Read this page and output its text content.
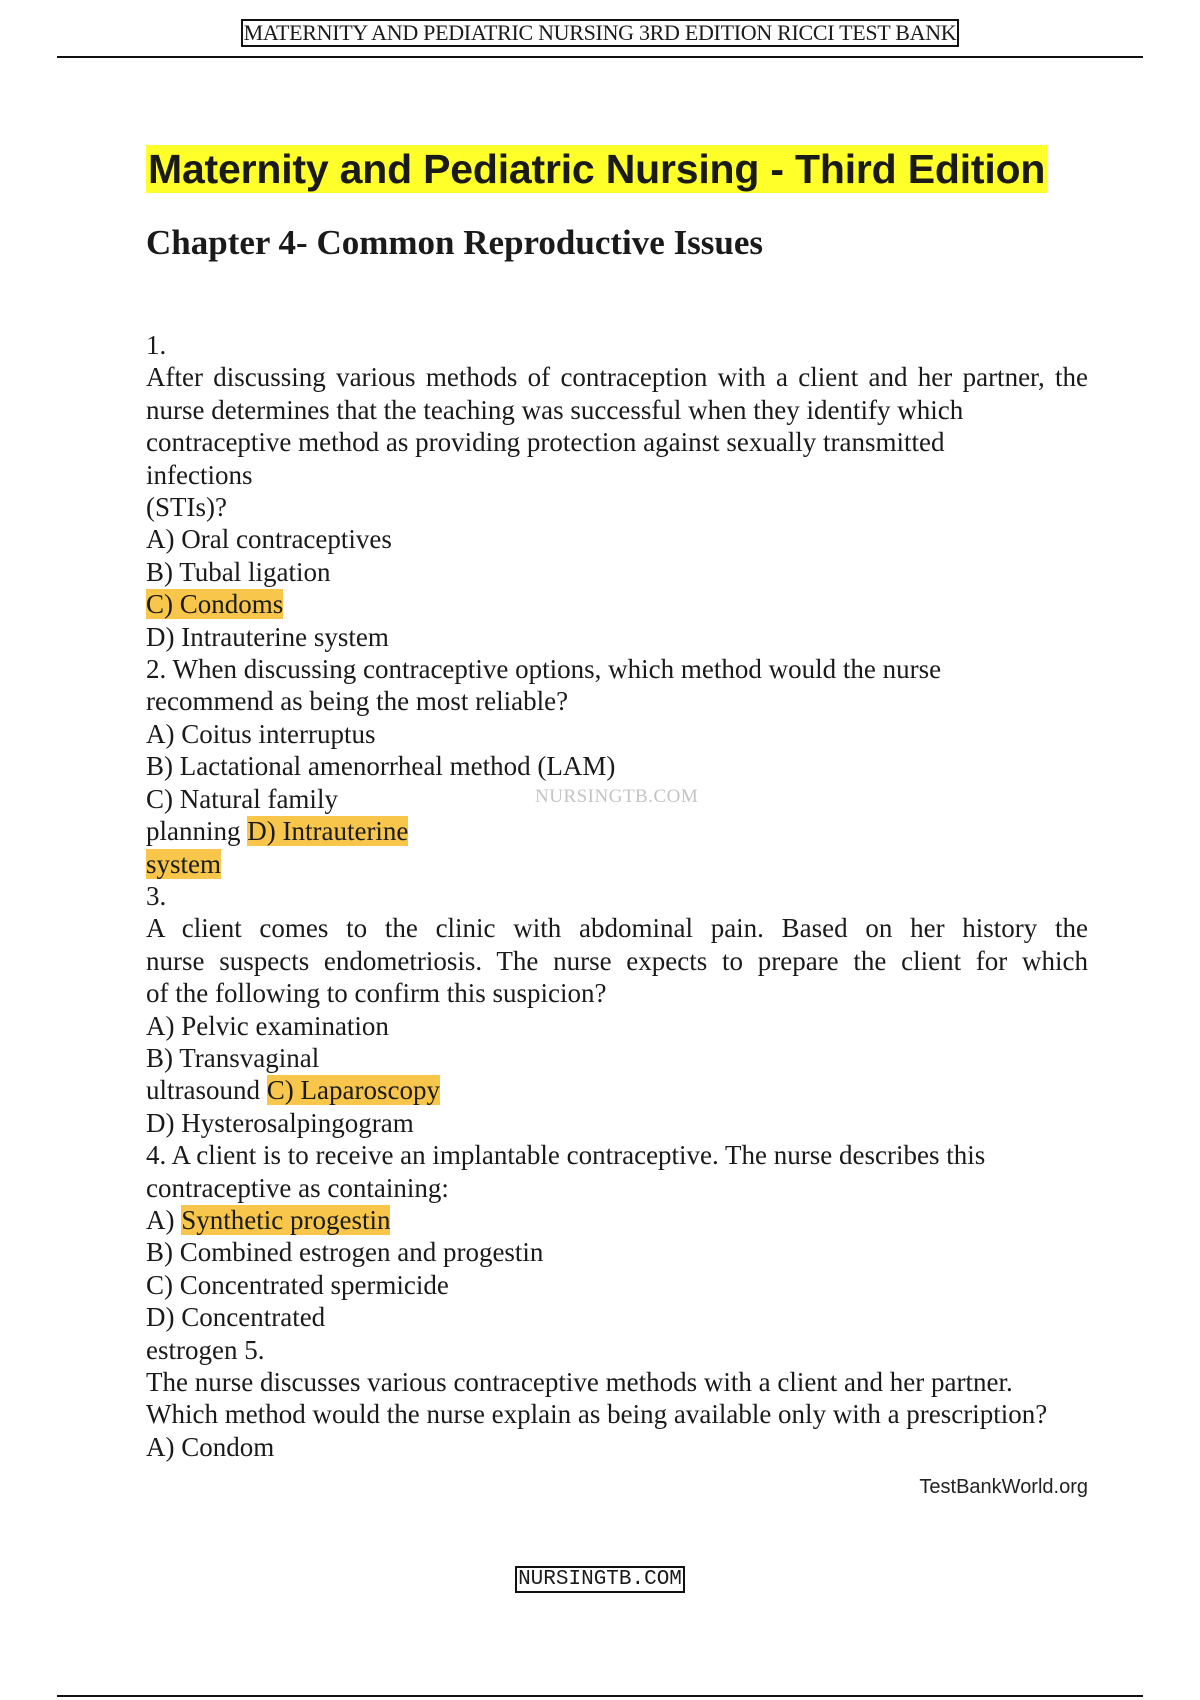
MATERNITY AND PEDIATRIC NURSING 3RD EDITION RICCI TEST BANK
Maternity and Pediatric Nursing - Third Edition
Chapter 4- Common Reproductive Issues
1.
After discussing various methods of contraception with a client and her partner, the
nurse determines that the teaching was successful when they identify which
contraceptive method as providing protection against sexually transmitted
infections
(STIs)?
A) Oral contraceptives
B) Tubal ligation
C) Condoms
D) Intrauterine system
2. When discussing contraceptive options, which method would the nurse
recommend as being the most reliable?
A) Coitus interruptus
B) Lactational amenorrheal method (LAM)
C) Natural family
planning D) Intrauterine
system
3.
A client comes to the clinic with abdominal pain. Based on her history the
nurse suspects endometriosis. The nurse expects to prepare the client for which
of the following to confirm this suspicion?
A) Pelvic examination
B) Transvaginal
ultrasound C) Laparoscopy
D) Hysterosalpingogram
4. A client is to receive an implantable contraceptive. The nurse describes this
contraceptive as containing:
A) Synthetic progestin
B) Combined estrogen and progestin
C) Concentrated spermicide
D) Concentrated
estrogen 5.
The nurse discusses various contraceptive methods with a client and her partner.
Which method would the nurse explain as being available only with a prescription?
A) Condom
NURSINGTB.COM
TestBankWorld.org
NURSINGTB.COM
